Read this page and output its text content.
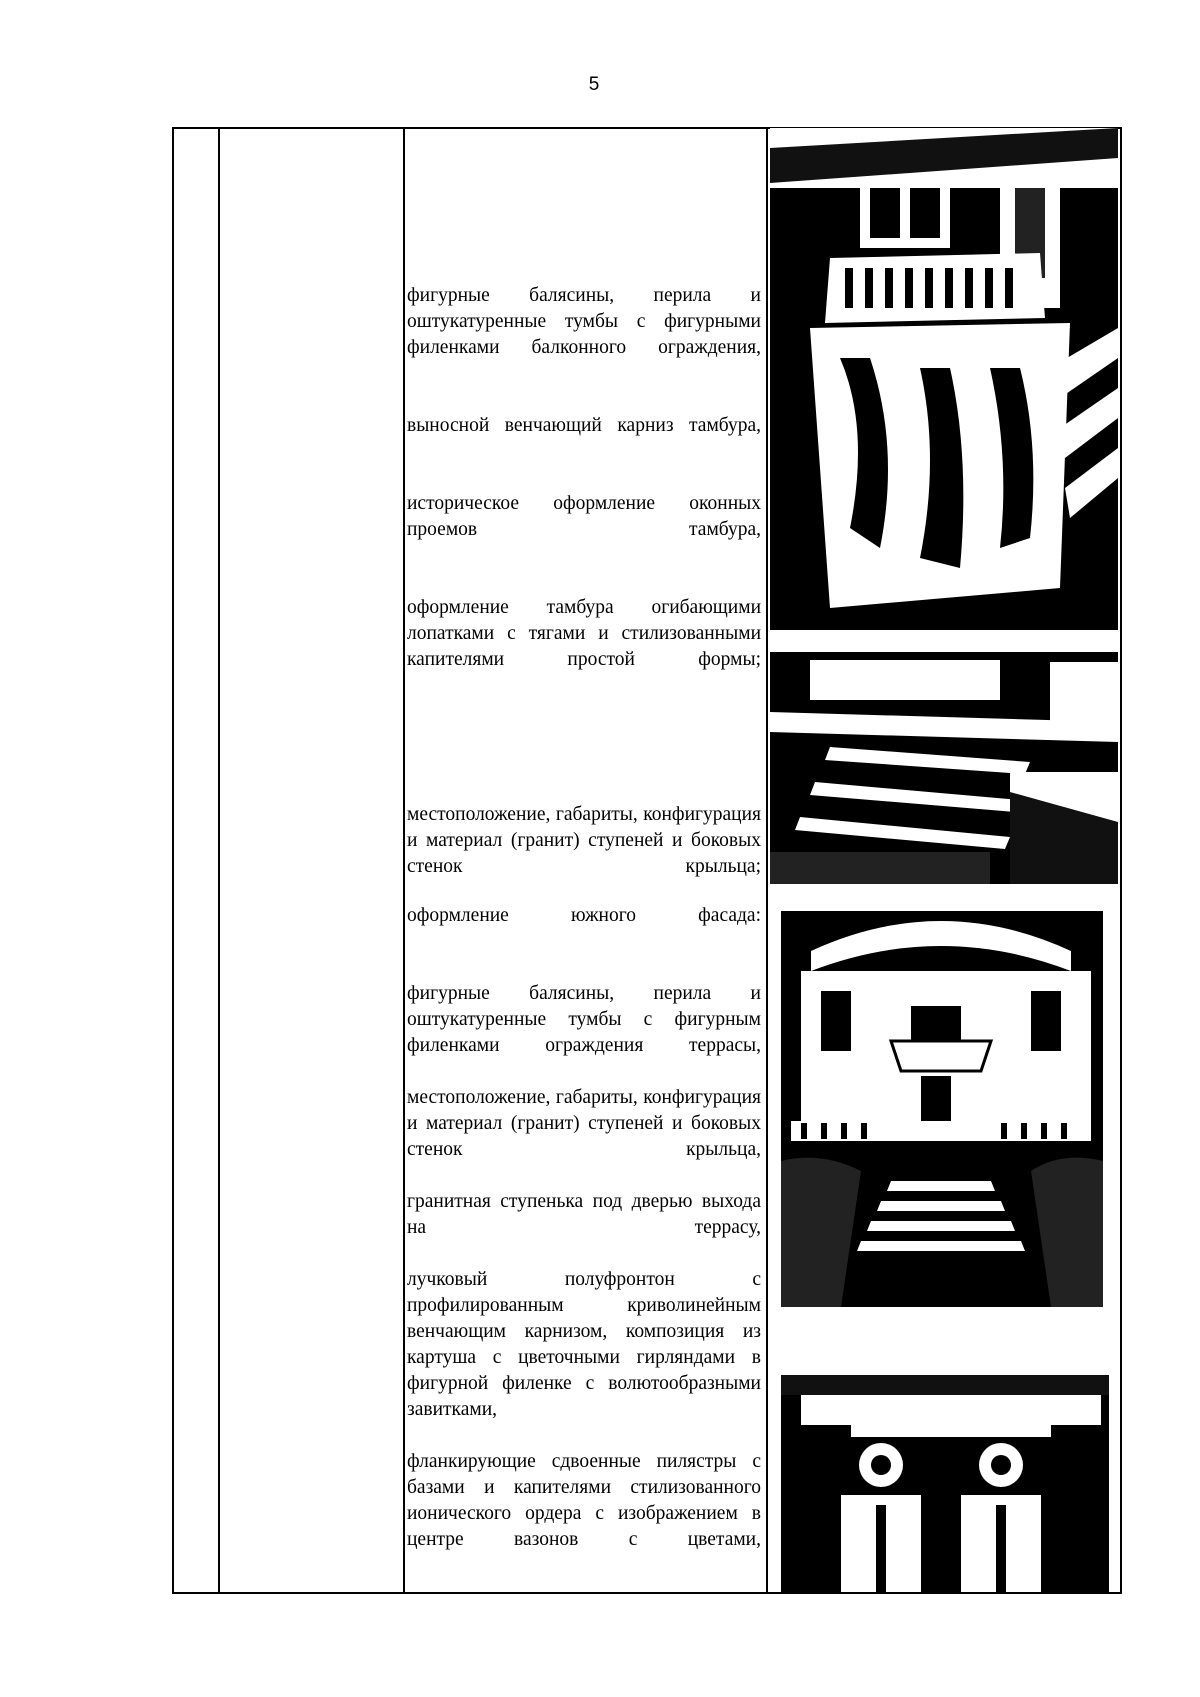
5
фигурные балясины, перила и оштукатуренные тумбы с фигурными филенками балконного ограждения,
выносной венчающий карниз тамбура,
историческое оформление оконных проемов тамбура,
оформление тамбура огибающими лопатками с тягами и стилизованными капителями простой формы;
местоположение, габариты, конфигурация и материал (гранит) ступеней и боковых стенок крыльца;
оформление южного фасада:
фигурные балясины, перила и оштукатуренные тумбы с фигурным филенками ограждения террасы,
местоположение, габариты, конфигурация и материал (гранит) ступеней и боковых стенок крыльца,
гранитная ступенька под дверью выхода на террасу,
лучковый полуфронтон с профилированным криволинейным венчающим карнизом, композиция из картуша с цветочными гирляндами в фигурной филенке с волютообразными завитками,
фланкирующие сдвоенные пилястры с базами и капителями стилизованного ионического ордера с изображением в центре вазонов с цветами,
